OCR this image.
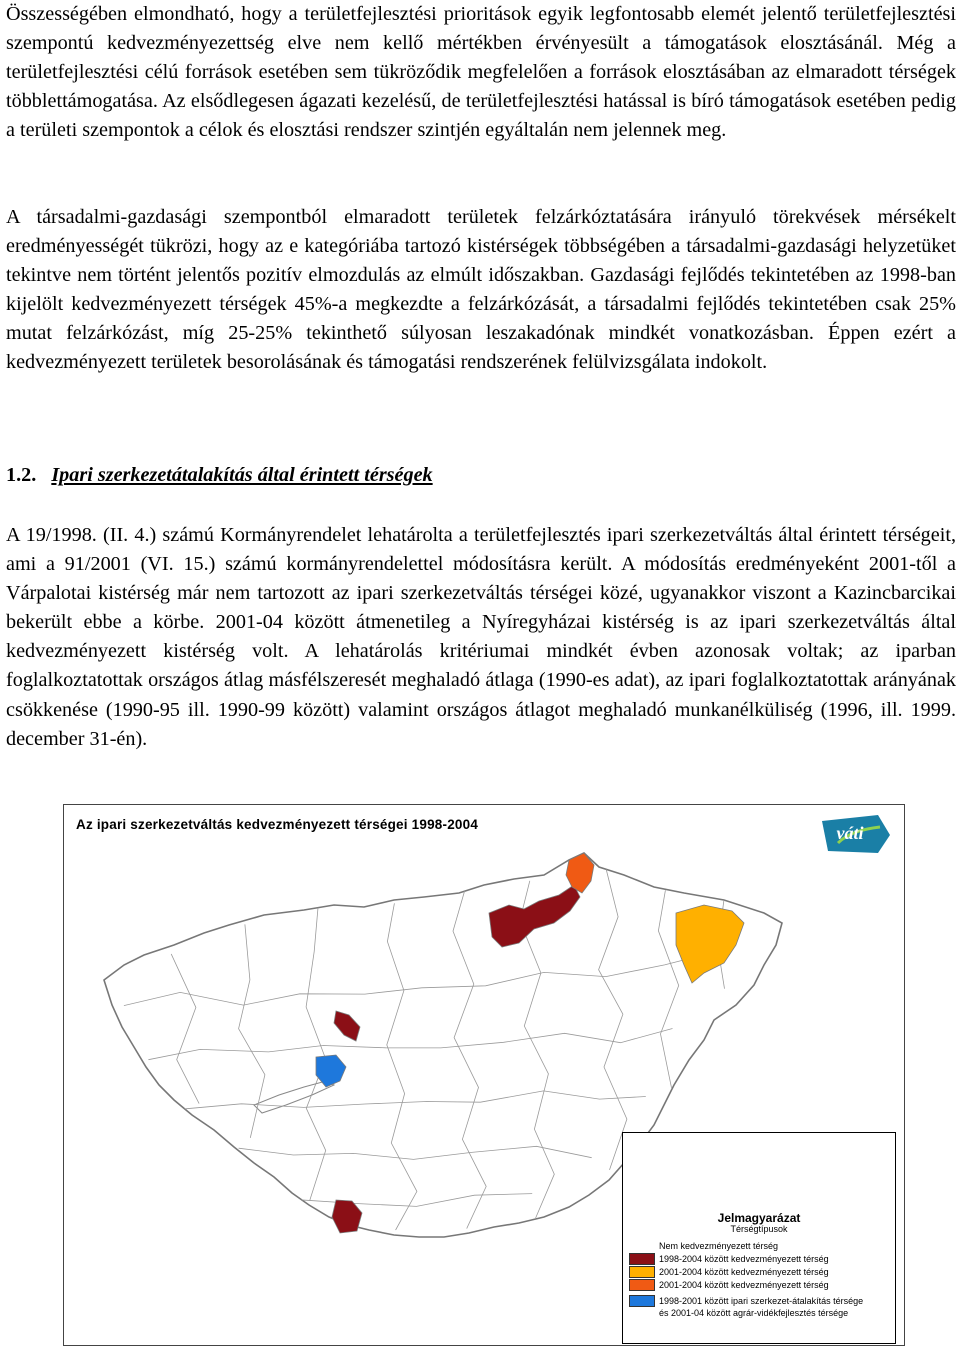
Összességében elmondható, hogy a területfejlesztési prioritások egyik legfontosabb elemét jelentő területfejlesztési szempontú kedvezményezettség elve nem kellő mértékben érvényesült a támogatások elosztásánál. Még a területfejlesztési célú források esetében sem tükröződik megfelelően a források elosztásában az elmaradott térségek többlettámogatása. Az elsődlegesen ágazati kezelésű, de területfejlesztési hatással is bíró támogatások esetében pedig a területi szempontok a célok és elosztási rendszer szintjén egyáltalán nem jelennek meg.

A társadalmi-gazdasági szempontból elmaradott területek felzárkóztatására irányuló törekvések mérsékelt eredményességét tükrözi, hogy az e kategóriába tartozó kistérségek többségében a társadalmi-gazdasági helyzetüket tekintve nem történt jelentős pozitív elmozdulás az elmúlt időszakban. Gazdasági fejlődés tekintetében az 1998-ban kijelölt kedvezményezett térségek 45%-a megkezdte a felzárkózását, a társadalmi fejlődés tekintetében csak 25% mutat felzárkózást, míg 25-25% tekinthető súlyosan leszakadónak mindkét vonatkozásban. Éppen ezért a kedvezményezett területek besorolásának és támogatási rendszerének felülvizsgálata indokolt.

1.2. Ipari szerkezetátalakítás által érintett térségek

A 19/1998. (II. 4.) számú Kormányrendelet lehatárolta a területfejlesztés ipari szerkezetváltás által érintett térségeit, ami a 91/2001 (VI. 15.) számú kormányrendelettel módosításra került. A módosítás eredményeként 2001-től a Várpalotai kistérség már nem tartozott az ipari szerkezetváltás térségei közé, ugyanakkor viszont a Kazincbarcikai bekerült ebbe a körbe. 2001-04 között átmenetileg a Nyíregyházai kistérség is az ipari szerkezetváltás által kedvezményezett kistérség volt. A lehatárolás kritériumai mindkét évben azonosak voltak; az iparban foglalkoztatottak országos átlag másfélszeresét meghaladó átlaga (1990-es adat), az ipari foglalkoztatottak arányának csökkenése (1990-95 ill. 1990-99 között) valamint országos átlagot meghaladó munkanélküliség (1996, ill. 1999. december 31-én).

Az ipari szerkezetváltás kedvezményezett térségei 1998-2004	váti
Jelmagyarázat
Térségtípusok
Nem kedvezményezett térség
1998-2004 között kedvezményezett térség
2001-2004 között kedvezményezett térség
2001-2004 között kedvezményezett térség
1998-2001 között ipari szerkezet-átalakítás térsége
és 2001-04 között agrár-vidékfejlesztés térsége
